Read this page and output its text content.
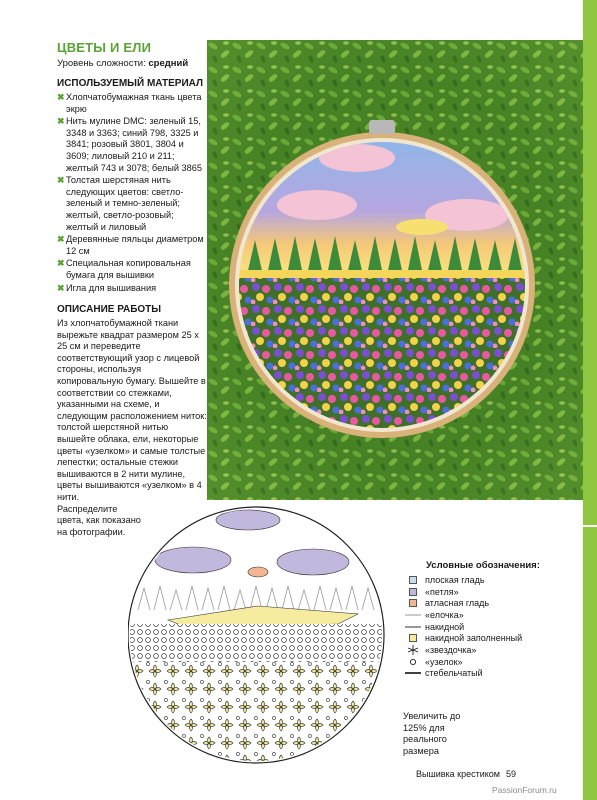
ЦВЕТЫ И ЕЛИ
Уровень сложности: средний
ИСПОЛЬЗУЕМЫЙ МАТЕРИАЛ
✖ Хлопчатобумажная ткань цвета экрю
✖ Нить мулине DMC: зеленый 15, 3348 и 3363; синий 798, 3325 и 3841; розовый 3801, 3804 и 3609; лиловый 210 и 211; желтый 743 и 3078; белый 3865
✖ Толстая шерстяная нить следующих цветов: светло-зеленый и темно-зеленый; желтый, светло-розовый; желтый и лиловый
✖ Деревянные пяльцы диаметром 12 см
✖ Специальная копировальная бумага для вышивки
✖ Игла для вышивания
ОПИСАНИЕ РАБОТЫ

Из хлопчатобумажной ткани вырежьте квадрат размером 25 x 25 см и переведите соответствующий узор с лицевой стороны, используя копировальную бумагу. Вышейте в соответствии со стежками, указанными на схеме, и следующим расположением ниток: толстой шерстяной нитью вышейте облака, ели, некоторые цветы «узелком» и самые толстые лепестки; остальные стежки вышиваются в 2 нити мулине, цветы вышиваются «узелком» в 4 нити.

Распределите цвета, как показано на фотографии.

Условные обозначения:
плоская гладь
«петля»
атласная гладь
«елочка»
накидной
накидной заполненный
«звездочка»
«узелок»
стебельчатый
Увеличить до 125% для реального размера
Вышивка крестиком 59
PassionForum.ru
